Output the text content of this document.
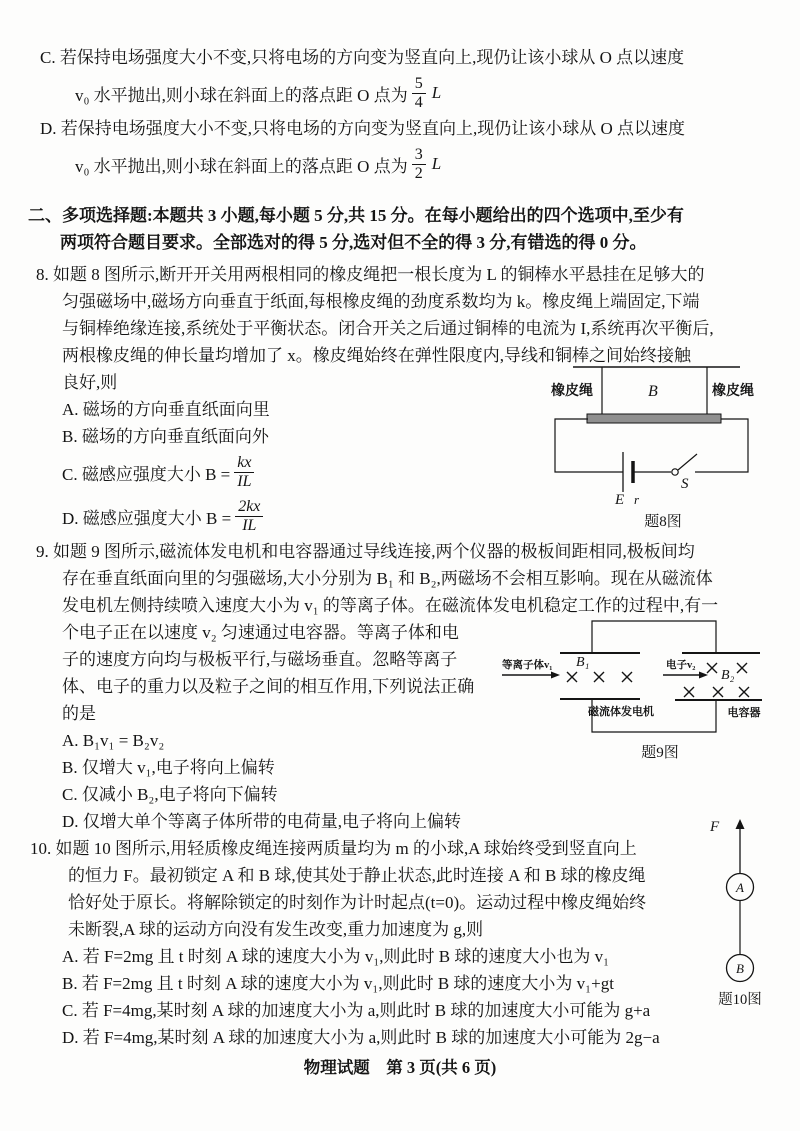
C. 若保持电场强度大小不变,只将电场的方向变为竖直向上,现仍让该小球从 O 点以速度
v₀ 水平抛出,则小球在斜面上的落点距 O 点为 $\frac{5}{4}$ L
D. 若保持电场强度大小不变,只将电场的方向变为竖直向上,现仍让该小球从 O 点以速度
v₀ 水平抛出,则小球在斜面上的落点距 O 点为 $\frac{3}{2}$ L
二、多项选择题:本题共 3 小题,每小题 5 分,共 15 分。在每小题给出的四个选项中,至少有
两项符合题目要求。全部选对的得 5 分,选对但不全的得 3 分,有错选的得 0 分。
8. 如题 8 图所示,断开开关用两根相同的橡皮绳把一根长度为 L 的铜棒水平悬挂在足够大的
匀强磁场中,磁场方向垂直于纸面,每根橡皮绳的劲度系数均为 k。橡皮绳上端固定,下端
与铜棒绝缘连接,系统处于平衡状态。闭合开关之后通过铜棒的电流为 I,系统再次平衡后,
两根橡皮绳的伸长量均增加了 x。橡皮绳始终在弹性限度内,导线和铜棒之间始终接触
良好,则
A. 磁场的方向垂直纸面向里
B. 磁场的方向垂直纸面向外
C. 磁感应强度大小 $B = \frac{kx}{IL}$
D. 磁感应强度大小 $B = \frac{2kx}{IL}$
9. 如题 9 图所示,磁流体发电机和电容器通过导线连接,两个仪器的极板间距相同,极板间均
存在垂直纸面向里的匀强磁场,大小分别为 B₁ 和 B₂,两磁场不会相互影响。现在从磁流体
发电机左侧持续喷入速度大小为 v₁ 的等离子体。在磁流体发电机稳定工作的过程中,有一
个电子正在以速度 v₂ 匀速通过电容器。等离子体和电
子的速度方向均与极板平行,与磁场垂直。忽略等离子
体、电子的重力以及粒子之间的相互作用,下列说法正确
的是
A. B₁v₁ = B₂v₂
B. 仅增大 v₁,电子将向上偏转
C. 仅减小 B₂,电子将向下偏转
D. 仅增大单个等离子体所带的电荷量,电子将向上偏转
10. 如题 10 图所示,用轻质橡皮绳连接两质量均为 m 的小球,A 球始终受到竖直向上
的恒力 F。最初锁定 A 和 B 球,使其处于静止状态,此时连接 A 和 B 球的橡皮绳
恰好处于原长。将解除锁定的时刻作为计时起点(t=0)。运动过程中橡皮绳始终
未断裂,A 球的运动方向没有发生改变,重力加速度为 g,则
A. 若 F=2mg 且 t 时刻 A 球的速度大小为 v₁,则此时 B 球的速度大小也为 v₁
B. 若 F=2mg 且 t 时刻 A 球的速度大小为 v₁,则此时 B 球的速度大小为 v₁+gt
C. 若 F=4mg,某时刻 A 球的加速度大小为 a,则此时 B 球的加速度大小可能为 g+a
D. 若 F=4mg,某时刻 A 球的加速度大小为 a,则此时 B 球的加速度大小可能为 2g−a
橡皮绳	橡皮绳
B
E r
S
题8图
B₁
B₂
等离子体v₁	电子v₂
磁流体发电机	电容器
题9图
F
A
B
题10图
物理试题　第 3 页(共 6 页)
